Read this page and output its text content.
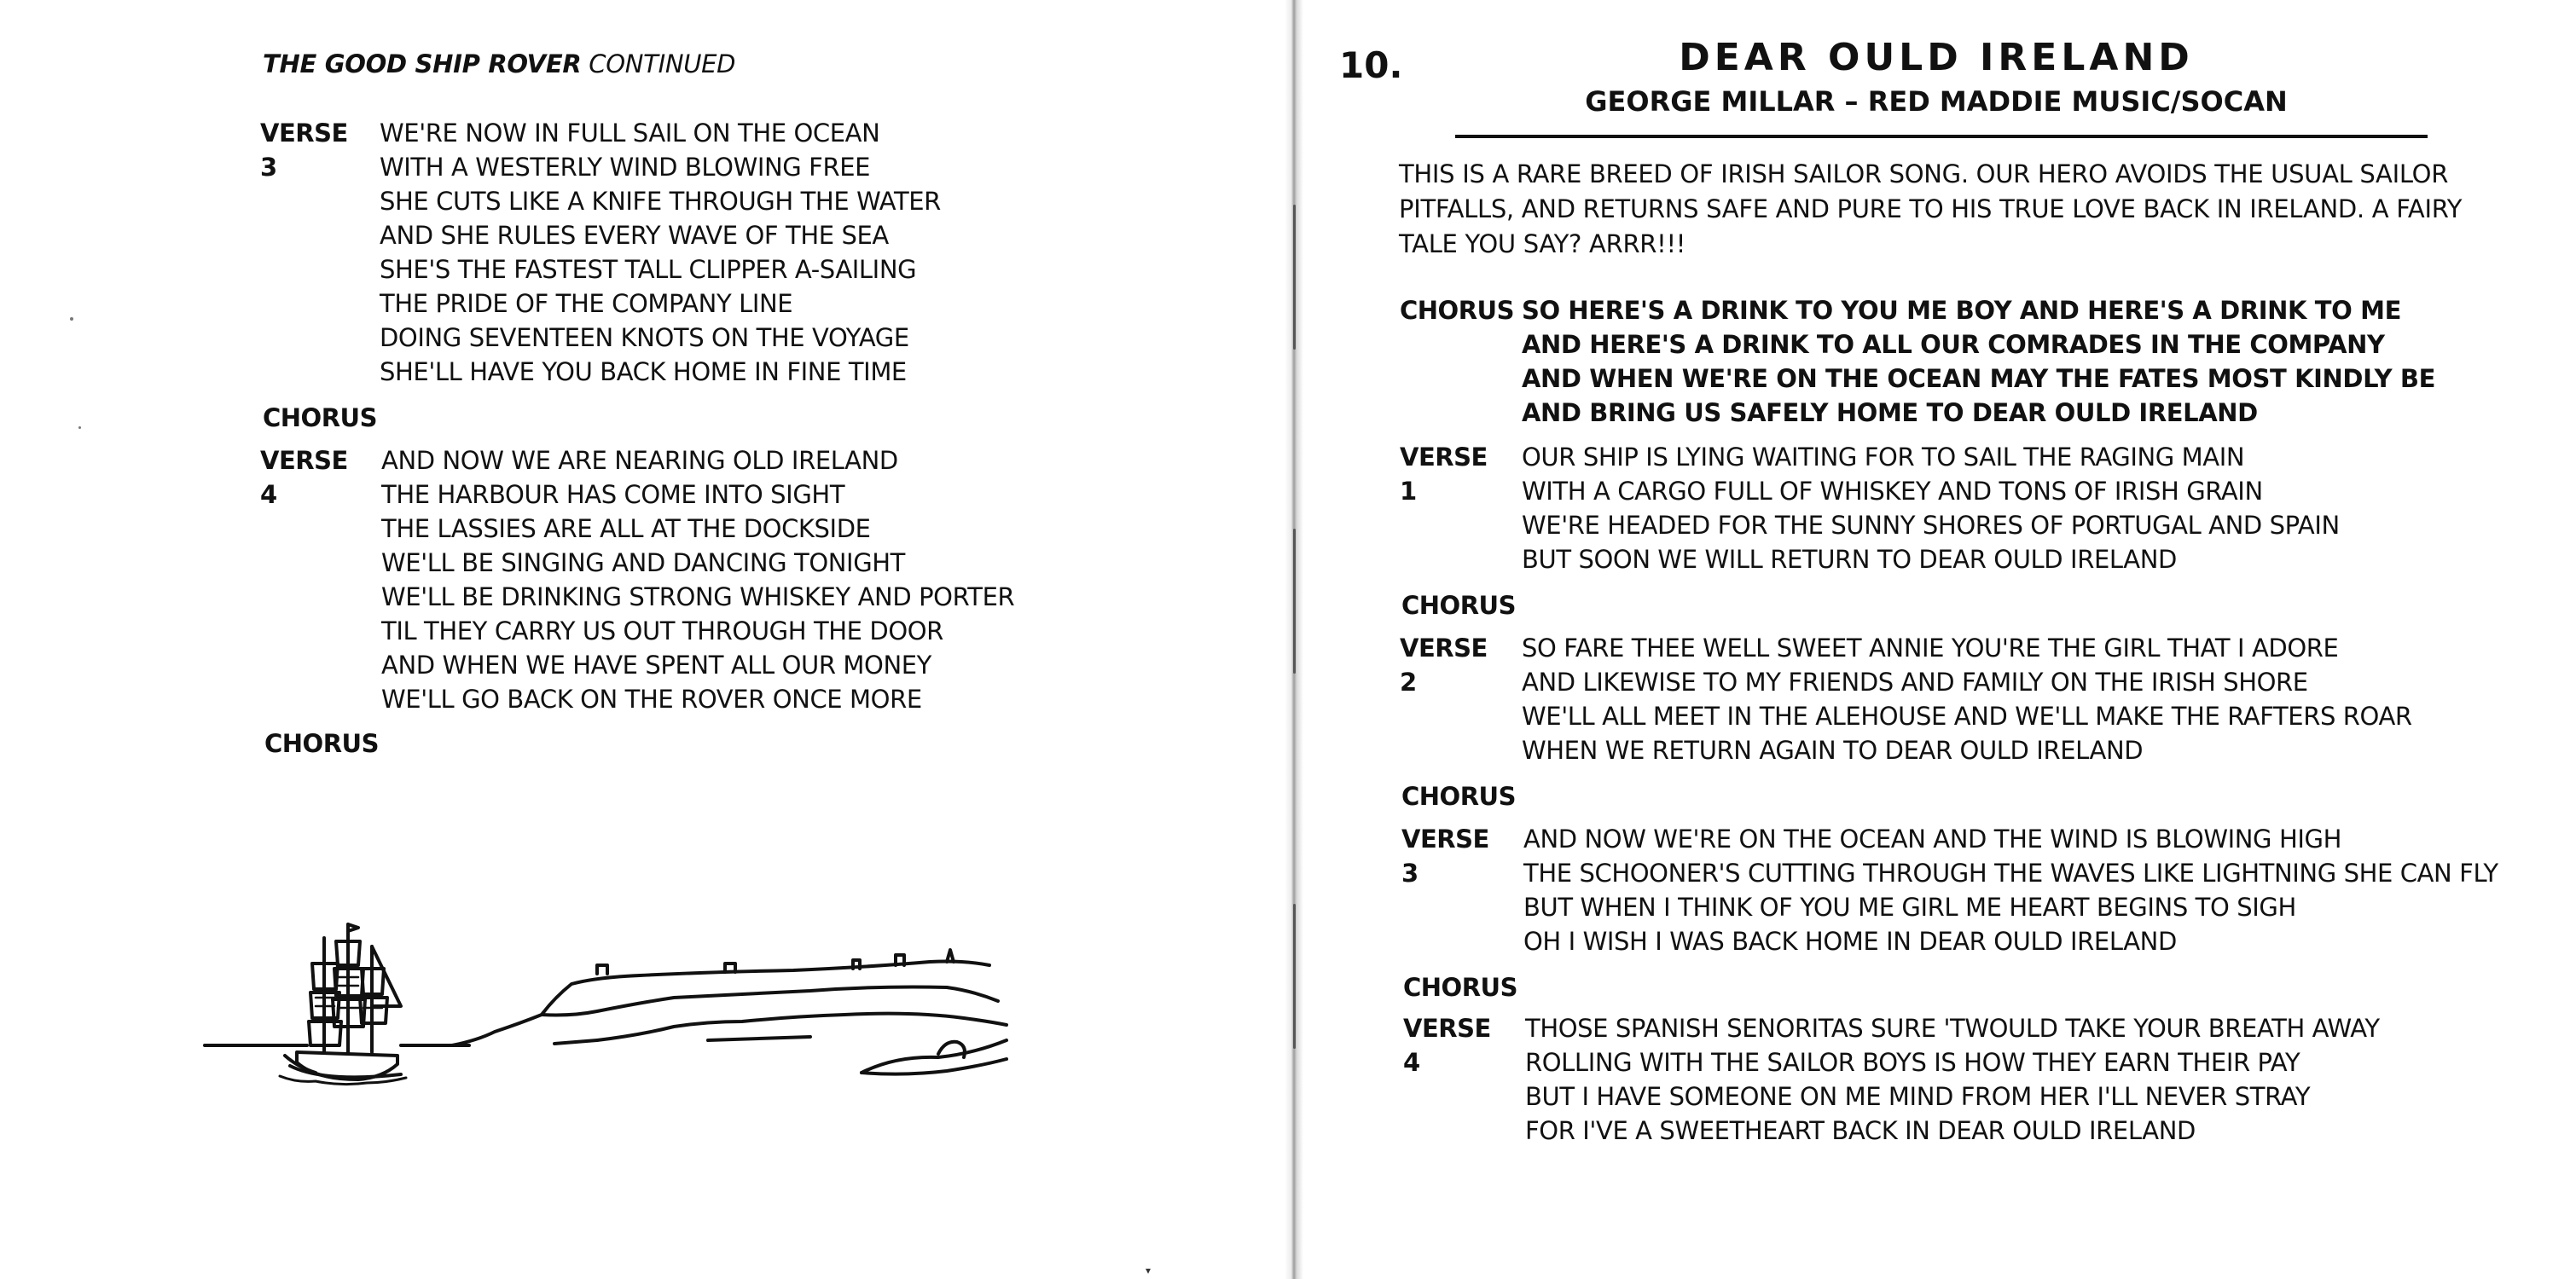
▾
THE GOOD SHIP ROVER CONTINUED
VERSE 3
WE'RE NOW IN FULL SAIL ON THE OCEAN
WITH A WESTERLY WIND BLOWING FREE
SHE CUTS LIKE A KNIFE THROUGH THE WATER
AND SHE RULES EVERY WAVE OF THE SEA
SHE'S THE FASTEST TALL CLIPPER A-SAILING
THE PRIDE OF THE COMPANY LINE
DOING SEVENTEEN KNOTS ON THE VOYAGE
SHE'LL HAVE YOU BACK HOME IN FINE TIME
CHORUS
VERSE 4
AND NOW WE ARE NEARING OLD IRELAND
THE HARBOUR HAS COME INTO SIGHT
THE LASSIES ARE ALL AT THE DOCKSIDE
WE'LL BE SINGING AND DANCING TONIGHT
WE'LL BE DRINKING STRONG WHISKEY AND PORTER
TIL THEY CARRY US OUT THROUGH THE DOOR
AND WHEN WE HAVE SPENT ALL OUR MONEY
WE'LL GO BACK ON THE ROVER ONCE MORE
CHORUS
10.	DEAR OULD IRELAND
GEORGE MILLAR – RED MADDIE MUSIC/SOCAN
THIS IS A RARE BREED OF IRISH SAILOR SONG. OUR HERO AVOIDS THE USUAL SAILOR
PITFALLS, AND RETURNS SAFE AND PURE TO HIS TRUE LOVE BACK IN IRELAND. A FAIRY
TALE YOU SAY? ARRR!!!
CHORUS SO HERE'S A DRINK TO YOU ME BOY AND HERE'S A DRINK TO ME
AND HERE'S A DRINK TO ALL OUR COMRADES IN THE COMPANY
AND WHEN WE'RE ON THE OCEAN MAY THE FATES MOST KINDLY BE
AND BRING US SAFELY HOME TO DEAR OULD IRELAND
VERSE 1
OUR SHIP IS LYING WAITING FOR TO SAIL THE RAGING MAIN
WITH A CARGO FULL OF WHISKEY AND TONS OF IRISH GRAIN
WE'RE HEADED FOR THE SUNNY SHORES OF PORTUGAL AND SPAIN
BUT SOON WE WILL RETURN TO DEAR OULD IRELAND
CHORUS
VERSE 2
SO FARE THEE WELL SWEET ANNIE YOU'RE THE GIRL THAT I ADORE
AND LIKEWISE TO MY FRIENDS AND FAMILY ON THE IRISH SHORE
WE'LL ALL MEET IN THE ALEHOUSE AND WE'LL MAKE THE RAFTERS ROAR
WHEN WE RETURN AGAIN TO DEAR OULD IRELAND
CHORUS
VERSE 3
AND NOW WE'RE ON THE OCEAN AND THE WIND IS BLOWING HIGH
THE SCHOONER'S CUTTING THROUGH THE WAVES LIKE LIGHTNING SHE CAN FLY
BUT WHEN I THINK OF YOU ME GIRL ME HEART BEGINS TO SIGH
OH I WISH I WAS BACK HOME IN DEAR OULD IRELAND
CHORUS
VERSE 4
THOSE SPANISH SENORITAS SURE 'TWOULD TAKE YOUR BREATH AWAY
ROLLING WITH THE SAILOR BOYS IS HOW THEY EARN THEIR PAY
BUT I HAVE SOMEONE ON ME MIND FROM HER I'LL NEVER STRAY
FOR I'VE A SWEETHEART BACK IN DEAR OULD IRELAND
